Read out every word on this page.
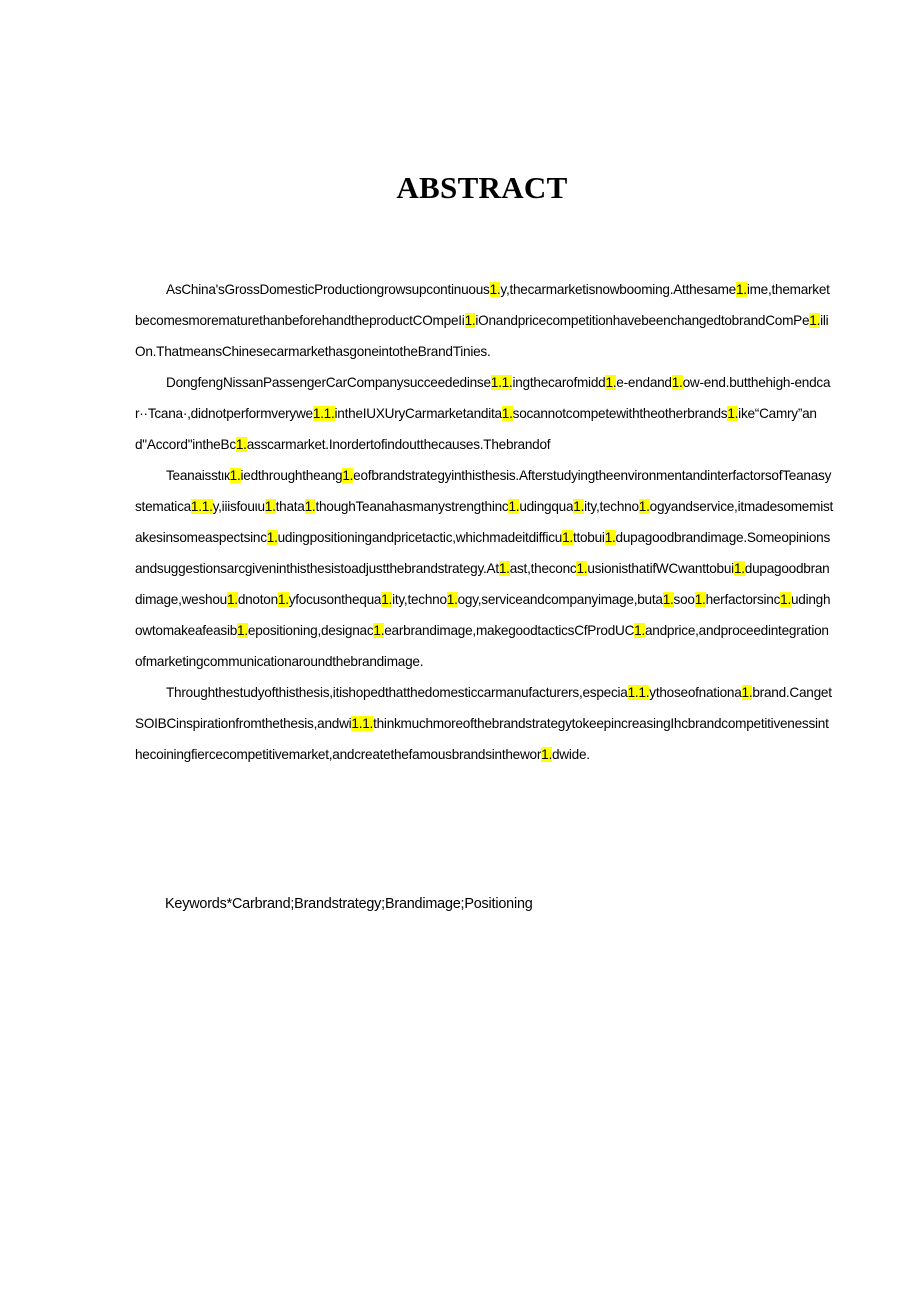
ABSTRACT

AsChina'sGrossDomesticProductiongrowsupcontinuous1.y,thecarmarketisnowbooming.Atthesame1.ime,themarketbecomesmorematurethanbeforehandtheproductCOmpeIi1.iOnandpricecompetitionhavebeenchangedtobrandComPe1.iliOn.ThatmeansChinesecarmarkethasgoneintotheBrandTinies.

DongfengNissanPassengerCarCompanysucceededinse1.1.ingthecarofmidd1.e-endand1.ow-end.butthehigh-endcar··Tcana·,didnotperformverywe1.1.intheIUXUryCarmarketandita1.socannotcompetewiththeotherbrands1.ike“Camry”and"Accord"intheBc1.asscarmarket.Inordertofindoutthecauses.Thebrandof

Teanaisstιк1.iedthroughtheang1.eofbrandstrategyinthisthesis.AfterstudyingtheenvironmentandinterfactorsofTeanasystematica1.1.y,iiisfouιu1.thata1.thoughTeanahasmanystrengthinc1.udingqua1.ity,techno1.ogyandservice,itmadesomemistakesinsomeaspectsinc1.udingpositioningandpricetactic,whichmadeitdifficu1.ttobui1.dupagoodbrandimage.Someopinionsandsuggestionsarcgiveninthisthesistoadjustthebrandstrategy.At1.ast,theconc1.usionisthatifWCwanttobui1.dupagoodbrandimage,weshou1.dnoton1.yfocusonthequa1.ity,techno1.ogy,serviceandcompanyimage,buta1.soo1.herfactorsinc1.udinghowtomakeafeasib1.epositioning,designac1.earbrandimage,makegoodtacticsCfProdUC1.andprice,andproceedintegrationofmarketingcommunicationaroundthebrandimage.

Throughthestudyofthisthesis,itishopedthatthedomesticcarmanufacturers,especia1.1.ythoseofnationa1.brand.CangetSOIBCinspirationfromthethesis,andwi1.1.thinkmuchmoreofthebrandstrategytokeepincreasingIhcbrandcompetitivenessinthecoiningfiercecompetitivemarket,andcreatethefamousbrandsinthewor1.dwide.

Keywords*Carbrand;Brandstrategy;Brandimage;Positioning
